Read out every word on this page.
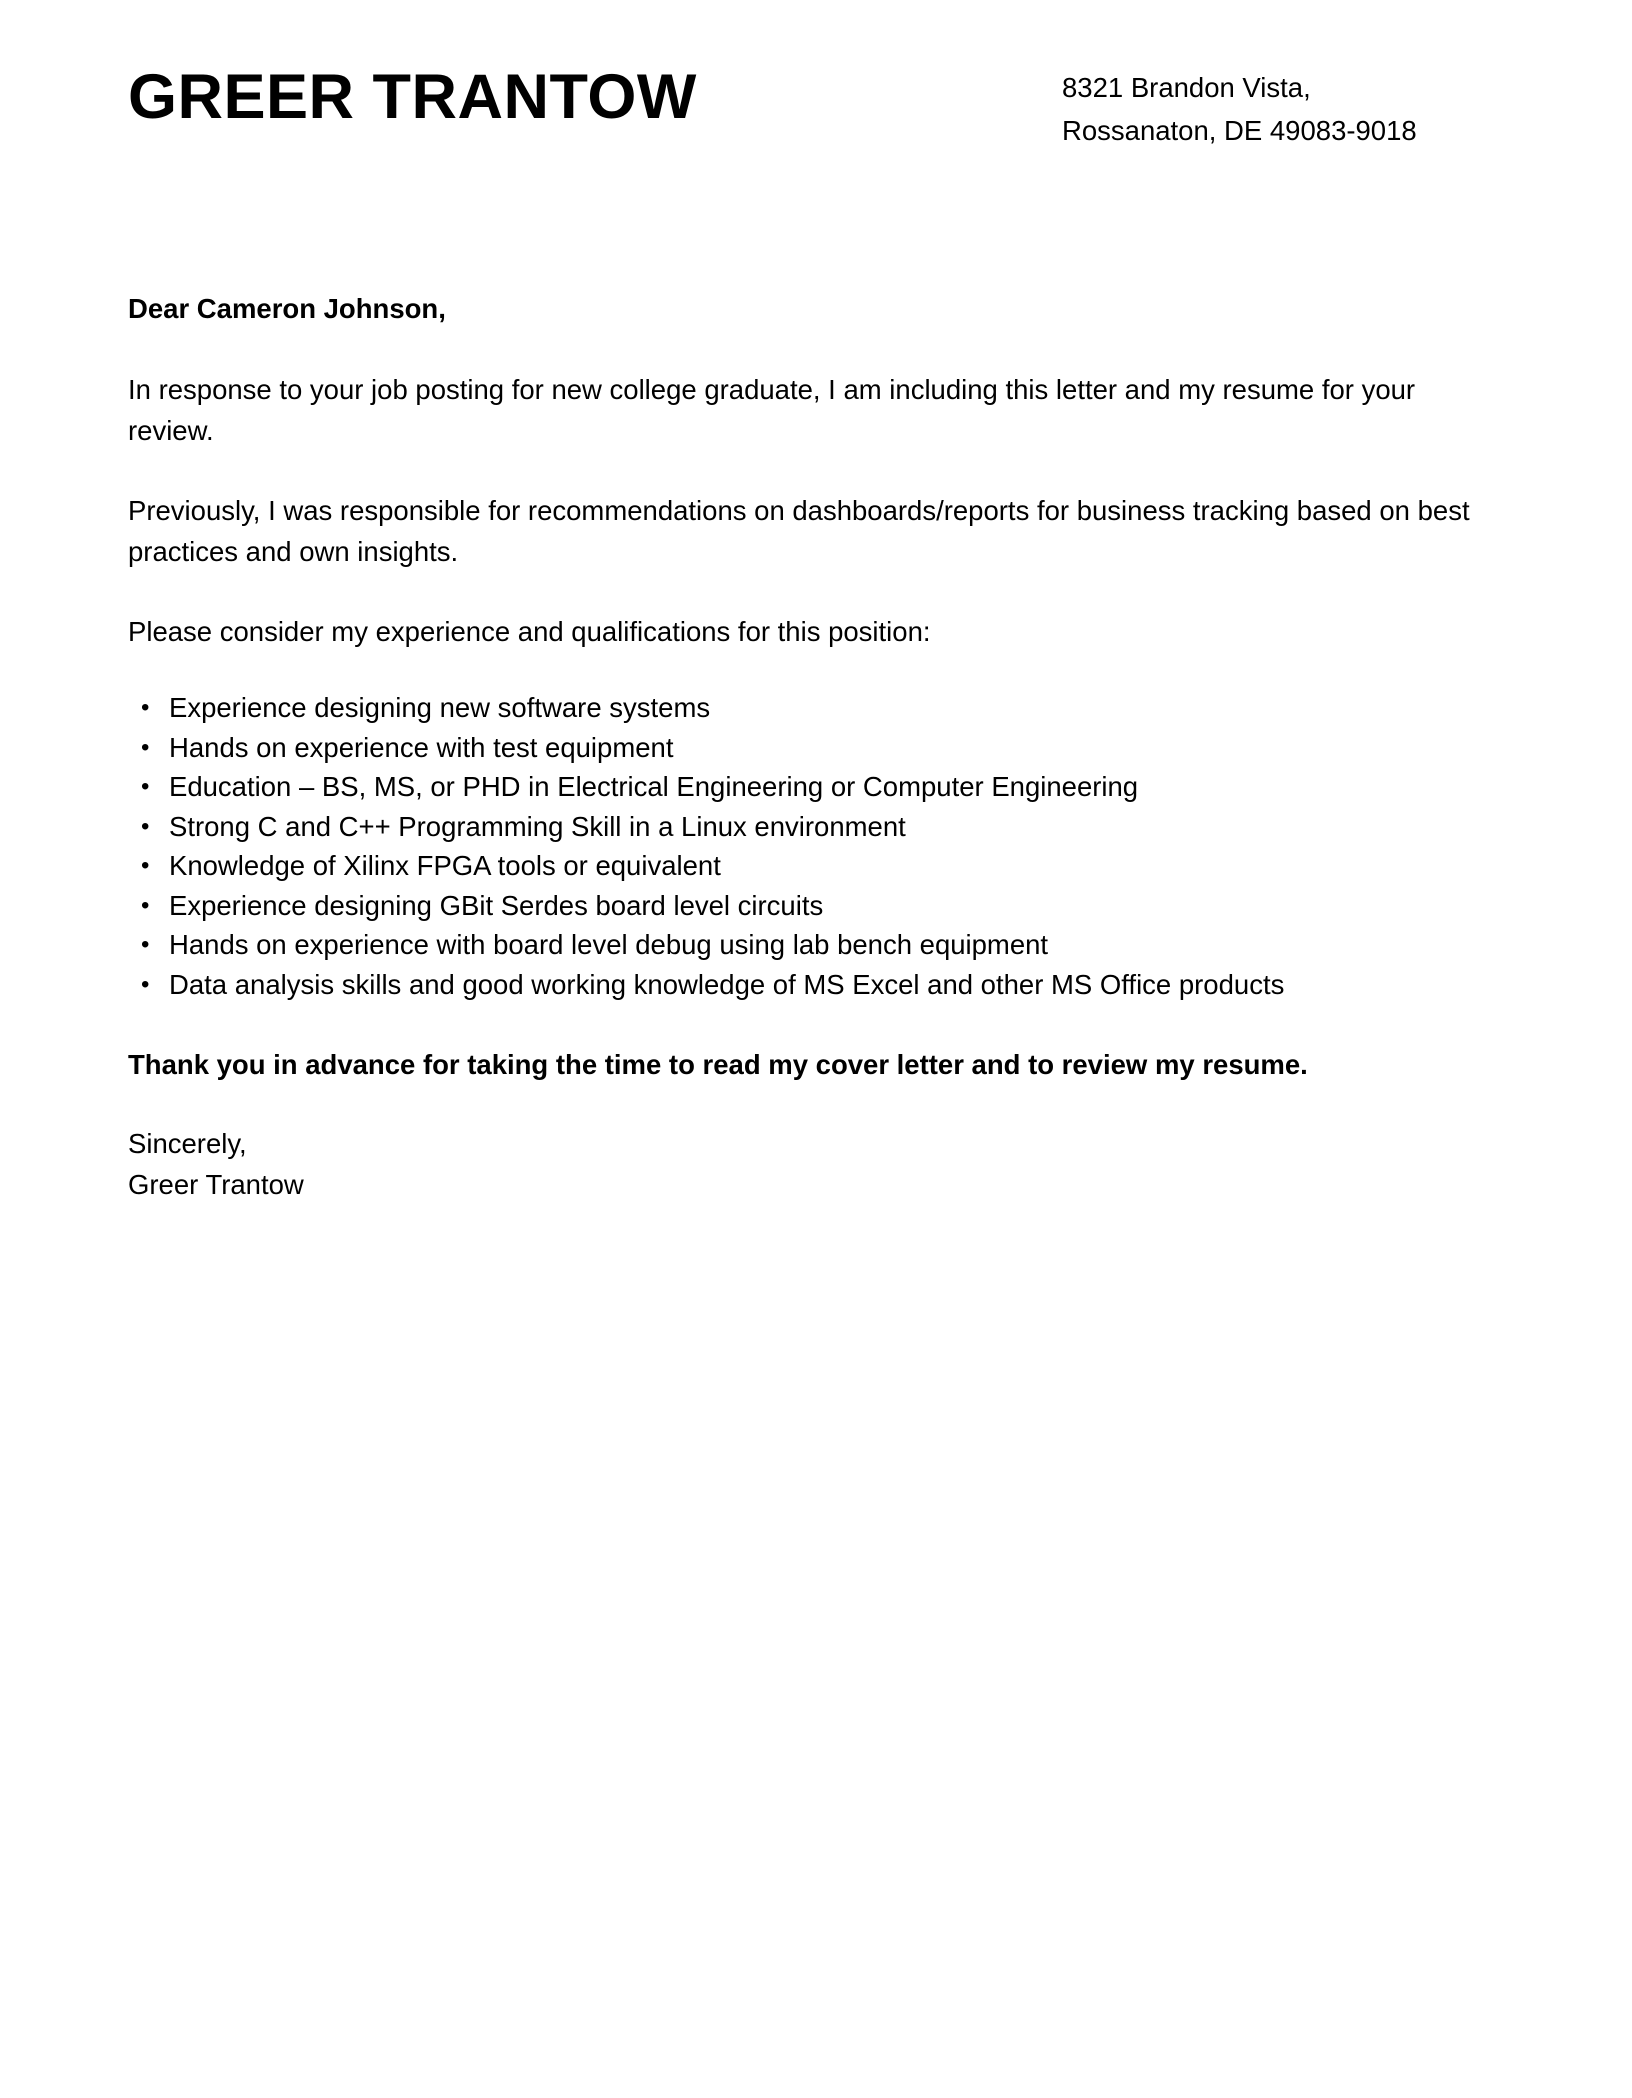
GREER TRANTOW	8321 Brandon Vista,
Rossanaton, DE 49083-9018

Dear Cameron Johnson,

In response to your job posting for new college graduate, I am including this letter and my resume for your review.

Previously, I was responsible for recommendations on dashboards/reports for business tracking based on best practices and own insights.

Please consider my experience and qualifications for this position:

• Experience designing new software systems
• Hands on experience with test equipment
• Education – BS, MS, or PHD in Electrical Engineering or Computer Engineering
• Strong C and C++ Programming Skill in a Linux environment
• Knowledge of Xilinx FPGA tools or equivalent
• Experience designing GBit Serdes board level circuits
• Hands on experience with board level debug using lab bench equipment
• Data analysis skills and good working knowledge of MS Excel and other MS Office products

Thank you in advance for taking the time to read my cover letter and to review my resume.

Sincerely,
Greer Trantow
